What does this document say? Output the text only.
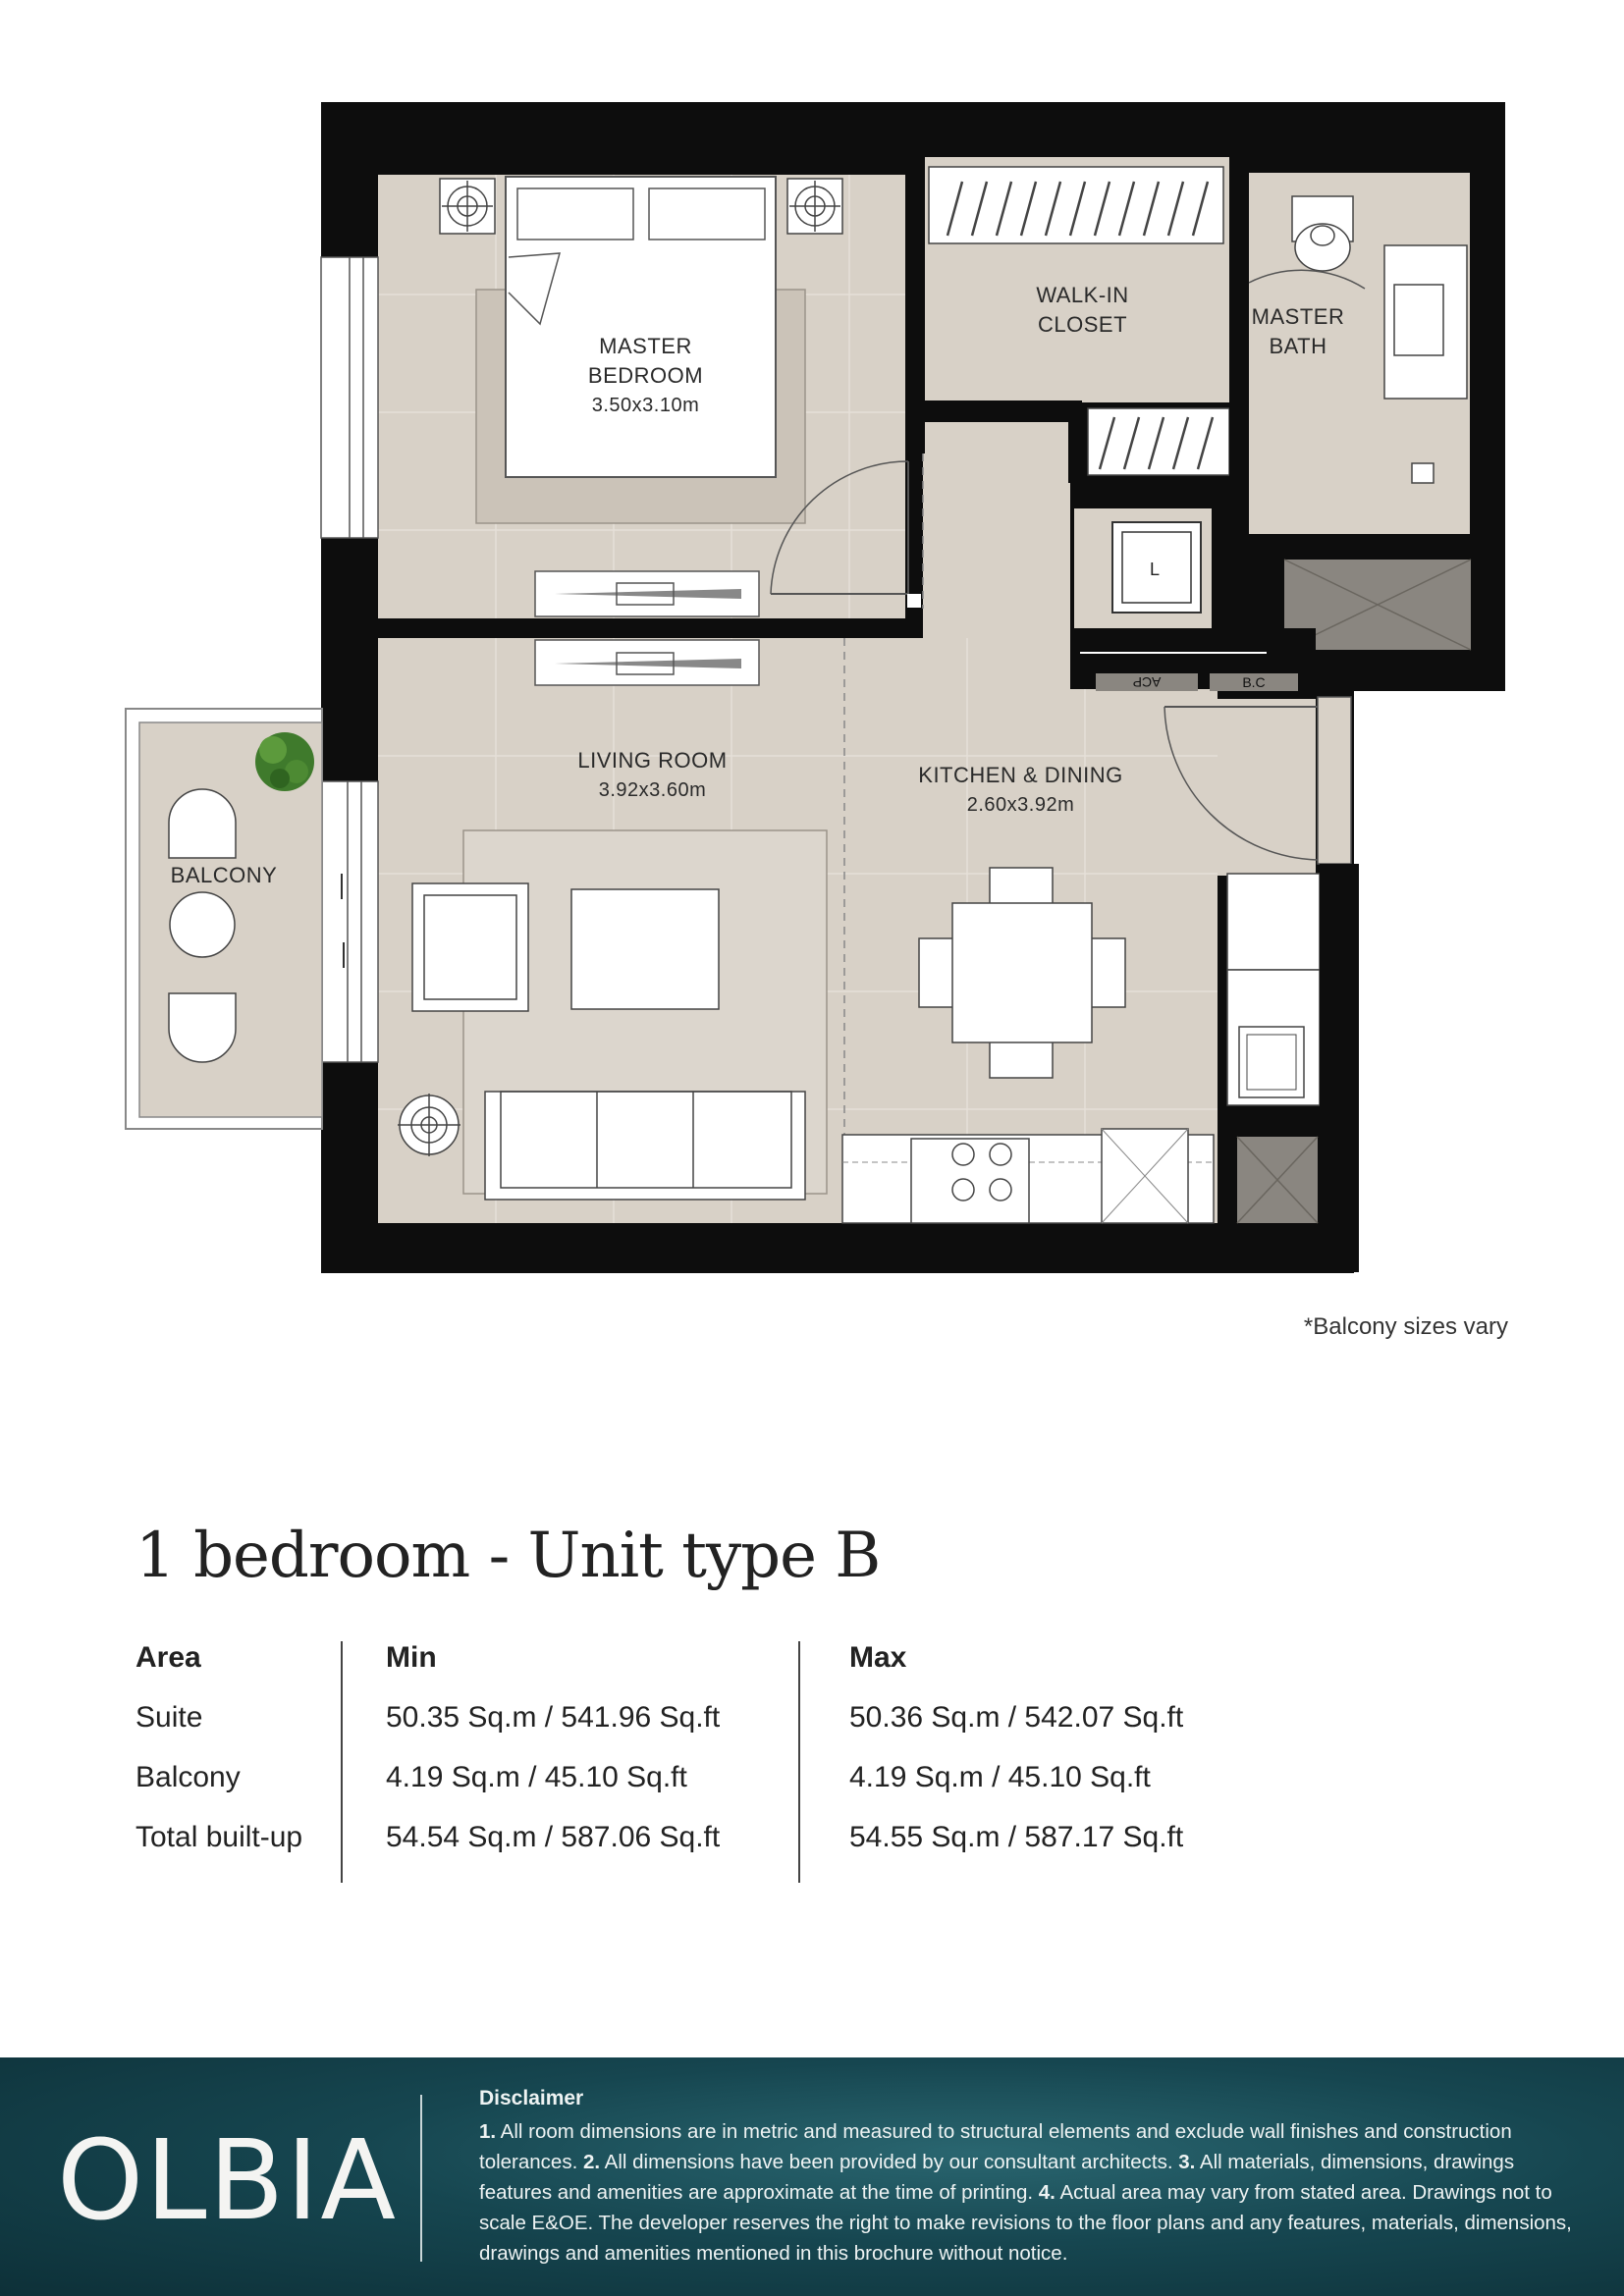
L
ACP	B.C
MASTER
BEDROOM
3.50x3.10m
WALK-IN
CLOSET	MASTER
BATH
LIVING ROOM
3.92x3.60m
KITCHEN & DINING
2.60x3.92m
BALCONY
*Balcony sizes vary
1 bedroom - Unit type B
Area
Suite
Balcony
Total built-up
Min
50.35 Sq.m / 541.96 Sq.ft
4.19 Sq.m / 45.10 Sq.ft
54.54 Sq.m / 587.06 Sq.ft
Max
50.36 Sq.m / 542.07 Sq.ft
4.19 Sq.m / 45.10 Sq.ft
54.55 Sq.m / 587.17 Sq.ft
OLBIA
Disclaimer

1. All room dimensions are in metric and measured to structural elements and exclude wall finishes and construction tolerances. 2. All dimensions have been provided by our consultant architects. 3. All materials, dimensions, drawings features and amenities are approximate at the time of printing. 4. Actual area may vary from stated area. Drawings not to scale E&OE. The developer reserves the right to make revisions to the floor plans and any features, materials, dimensions, drawings and amenities mentioned in this brochure without notice.
